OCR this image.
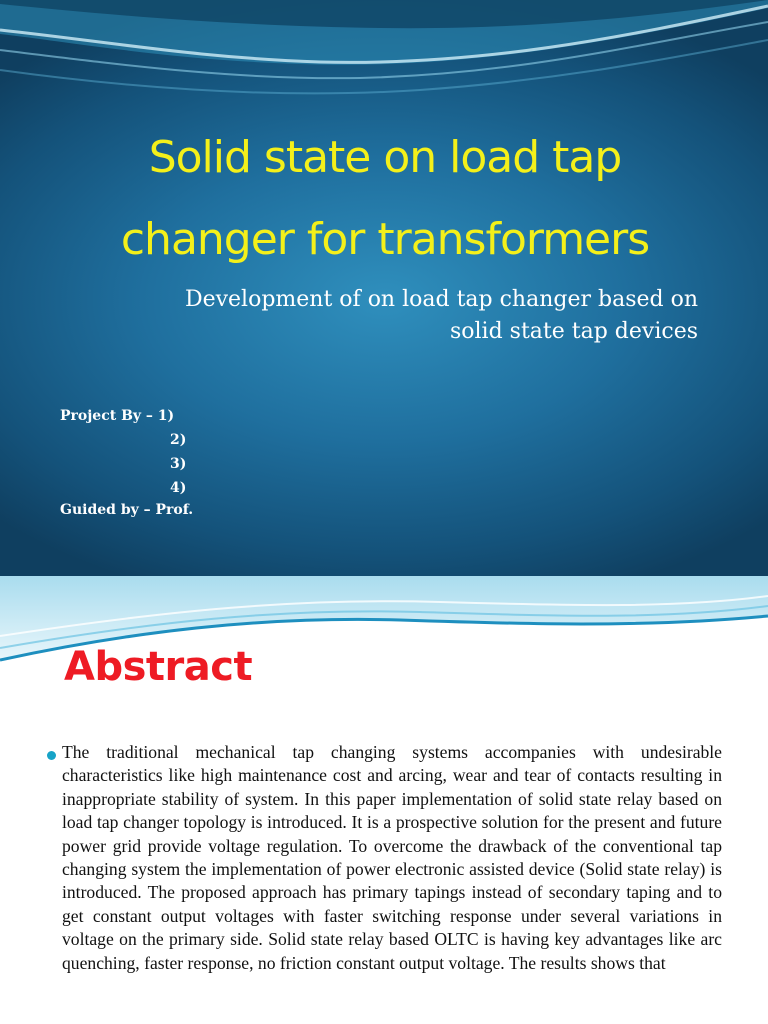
Solid state on load tap
changer for transformers
Development of on load tap changer based on
solid state tap devices
Project By – 1)
2)
3)
4)
Guided by – Prof.
Abstract
The traditional mechanical tap changing systems accompanies with undesirable characteristics like high maintenance cost and arcing, wear and tear of contacts resulting in inappropriate stability of system. In this paper implementation of solid state relay based on load tap changer topology is introduced. It is a prospective solution for the present and future power grid provide voltage regulation. To overcome the drawback of the conventional tap changing system the implementation of power electronic assisted device (Solid state relay) is introduced. The proposed approach has primary tapings instead of secondary taping and to get constant output voltages with faster switching response under several variations in voltage on the primary side. Solid state relay based OLTC is having key advantages like arc quenching, faster response, no friction constant output voltage. The results shows that
